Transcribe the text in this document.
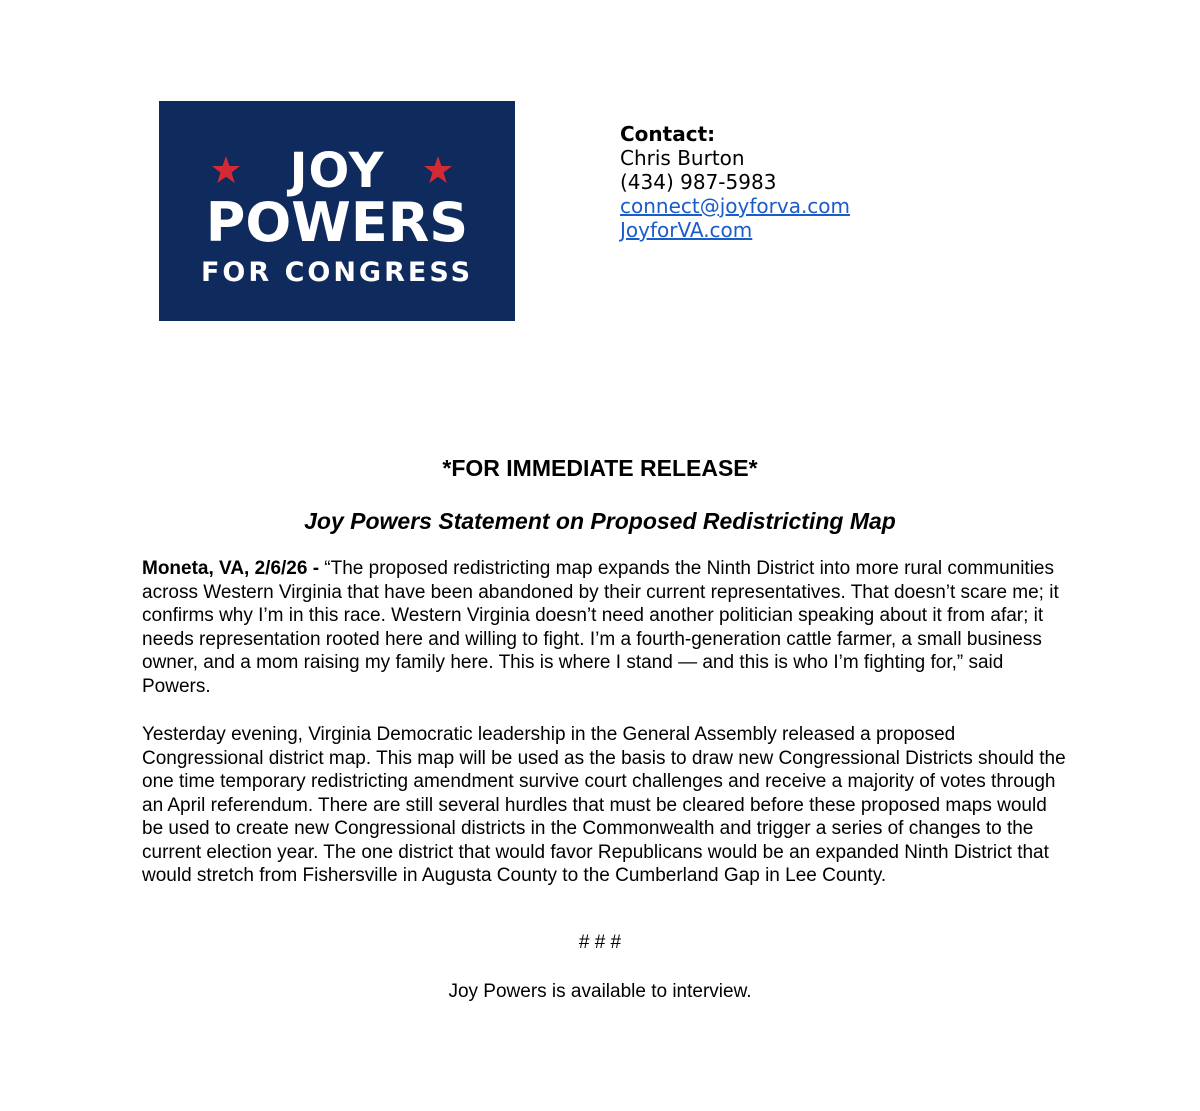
JOY
POWERS
FOR CONGRESS
Contact:
Chris Burton
(434) 987-5983
connect@joyforva.com
JoyforVA.com
*FOR IMMEDIATE RELEASE*
Joy Powers Statement on Proposed Redistricting Map

Moneta, VA, 2/6/26 - “The proposed redistricting map expands the Ninth District into more rural communities across Western Virginia that have been abandoned by their current representatives. That doesn’t scare me; it confirms why I’m in this race. Western Virginia doesn’t need another politician speaking about it from afar; it needs representation rooted here and willing to fight. I’m a fourth-generation cattle farmer, a small business owner, and a mom raising my family here. This is where I stand — and this is who I’m fighting for,” said Powers.

Yesterday evening, Virginia Democratic leadership in the General Assembly released a proposed Congressional district map. This map will be used as the basis to draw new Congressional Districts should the one time temporary redistricting amendment survive court challenges and receive a majority of votes through an April referendum. There are still several hurdles that must be cleared before these proposed maps would be used to create new Congressional districts in the Commonwealth and trigger a series of changes to the current election year. The one district that would favor Republicans would be an expanded Ninth District that would stretch from Fishersville in Augusta County to the Cumberland Gap in Lee County.

# # #
Joy Powers is available to interview.
